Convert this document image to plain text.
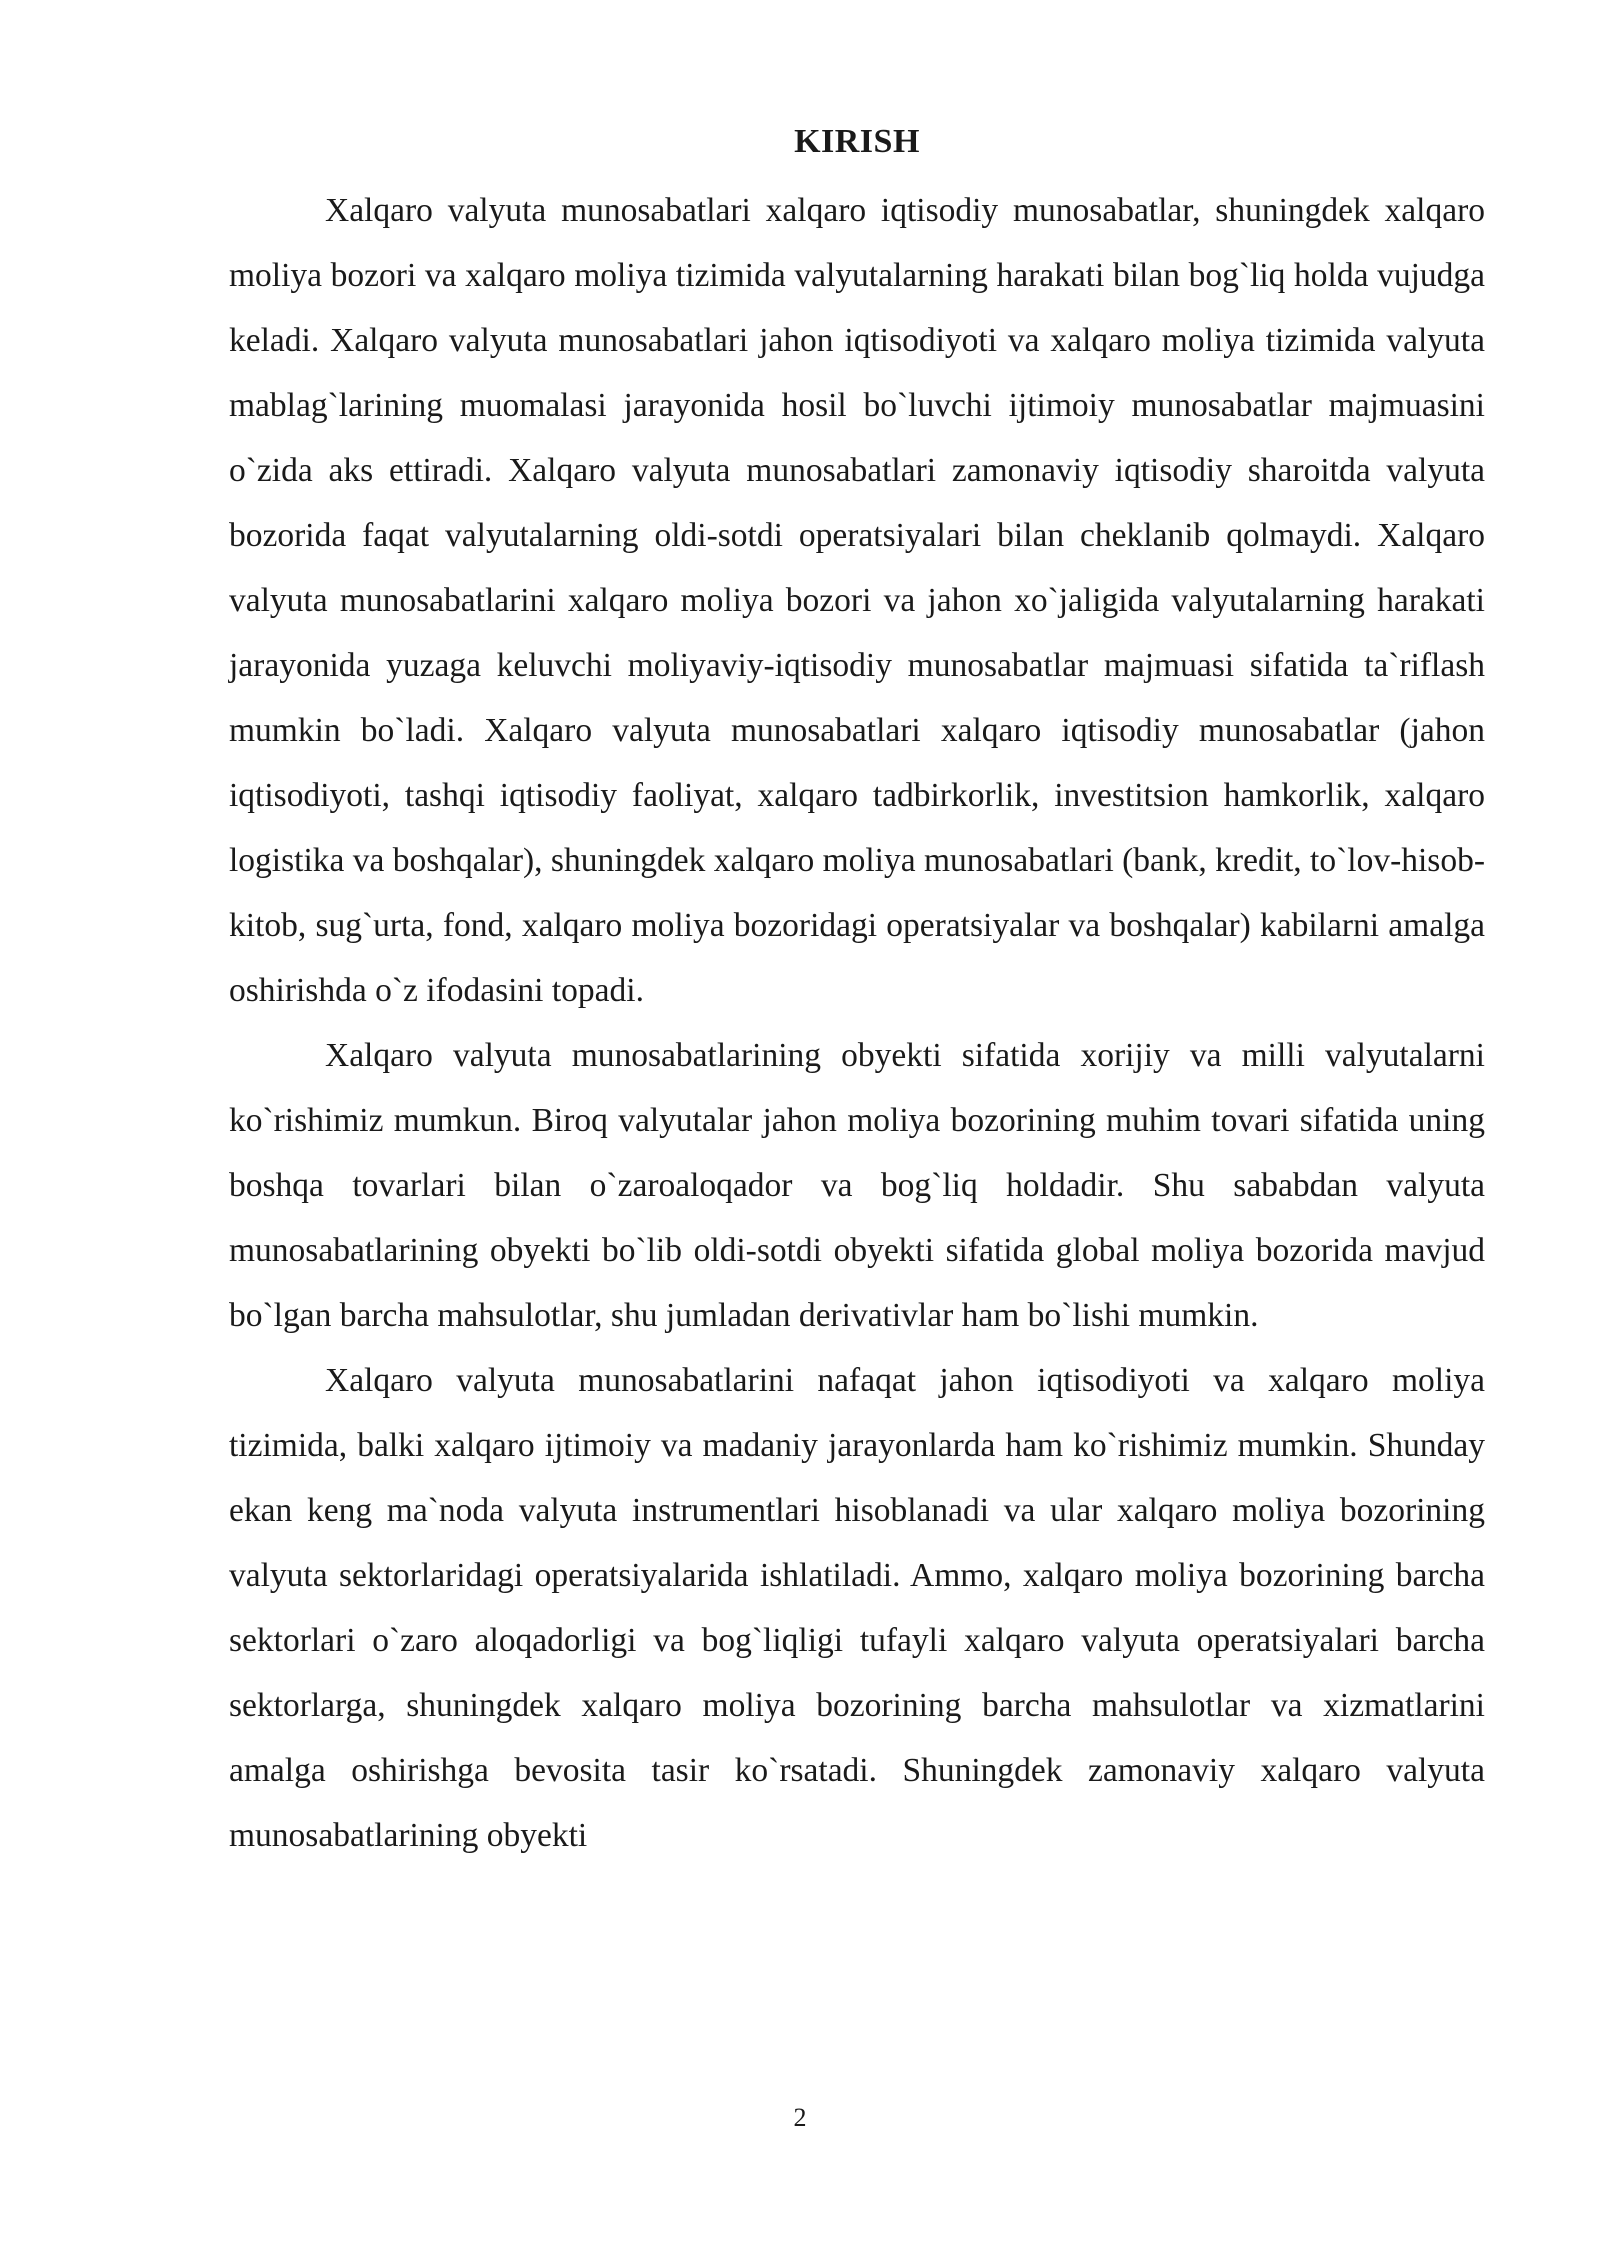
KIRISH

Xalqaro valyuta munosabatlari xalqaro iqtisodiy munosabatlar, shuningdek xalqaro moliya bozori va xalqaro moliya tizimida valyutalarning harakati bilan bog`liq holda vujudga keladi. Xalqaro valyuta munosabatlari jahon iqtisodiyoti va xalqaro moliya tizimida valyuta mablag`larining muomalasi jarayonida hosil bo`luvchi ijtimoiy munosabatlar majmuasini o`zida aks ettiradi. Xalqaro valyuta munosabatlari zamonaviy iqtisodiy sharoitda valyuta bozorida faqat valyutalarning oldi-sotdi operatsiyalari bilan cheklanib qolmaydi. Xalqaro valyuta munosabatlarini xalqaro moliya bozori va jahon xo`jaligida valyutalarning harakati jarayonida yuzaga keluvchi moliyaviy-iqtisodiy munosabatlar majmuasi sifatida ta`riflash mumkin bo`ladi. Xalqaro valyuta munosabatlari xalqaro iqtisodiy munosabatlar (jahon iqtisodiyoti, tashqi iqtisodiy faoliyat, xalqaro tadbirkorlik, investitsion hamkorlik, xalqaro logistika va boshqalar), shuningdek xalqaro moliya munosabatlari (bank, kredit, to`lov-hisob-kitob, sug`urta, fond, xalqaro moliya bozoridagi operatsiyalar va boshqalar) kabilarni amalga oshirishda o`z ifodasini topadi.

Xalqaro valyuta munosabatlarining obyekti sifatida xorijiy va milli valyutalarni ko`rishimiz mumkun. Biroq valyutalar jahon moliya bozorining muhim tovari sifatida uning boshqa tovarlari bilan o`zaroaloqador va bog`liq holdadir. Shu sababdan valyuta munosabatlarining obyekti bo`lib oldi-sotdi obyekti sifatida global moliya bozorida mavjud bo`lgan barcha mahsulotlar, shu jumladan derivativlar ham bo`lishi mumkin.

Xalqaro valyuta munosabatlarini nafaqat jahon iqtisodiyoti va xalqaro moliya tizimida, balki xalqaro ijtimoiy va madaniy jarayonlarda ham ko`rishimiz mumkin. Shunday ekan keng ma`noda valyuta instrumentlari hisoblanadi va ular xalqaro moliya bozorining valyuta sektorlaridagi operatsiyalarida ishlatiladi. Ammo, xalqaro moliya bozorining barcha sektorlari o`zaro aloqadorligi va bog`liqligi tufayli xalqaro valyuta operatsiyalari barcha sektorlarga, shuningdek xalqaro moliya bozorining barcha mahsulotlar va xizmatlarini amalga oshirishga bevosita tasir ko`rsatadi. Shuningdek zamonaviy xalqaro valyuta munosabatlarining obyekti

2
